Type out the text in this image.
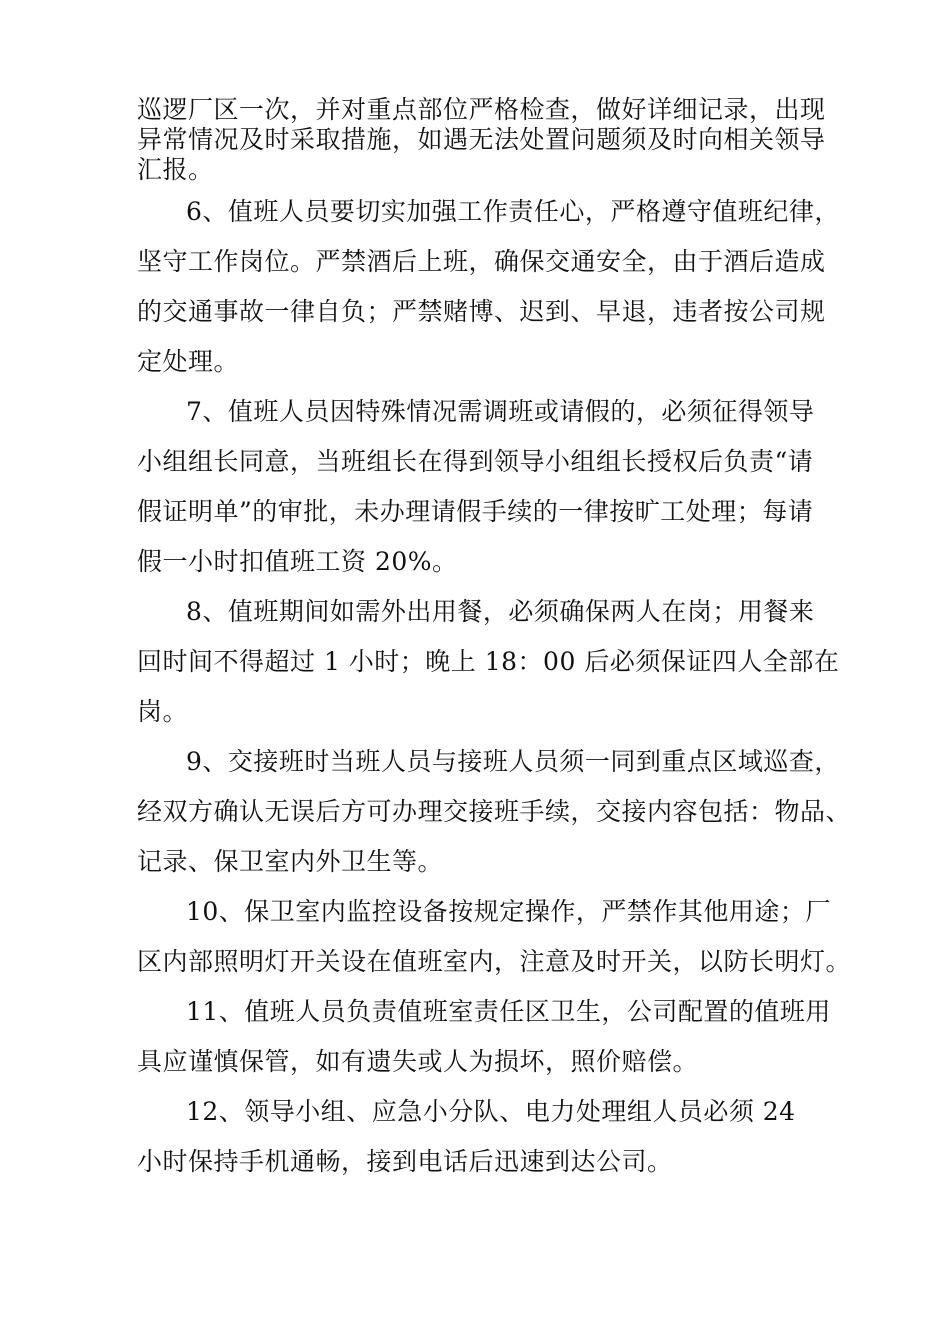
巡逻厂区一次，并对重点部位严格检查，做好详细记录，出现
异常情况及时采取措施，如遇无法处置问题须及时向相关领导
汇报。
6、值班人员要切实加强工作责任心，严格遵守值班纪律，
坚守工作岗位。严禁酒后上班，确保交通安全，由于酒后造成
的交通事故一律自负；严禁赌博、迟到、早退，违者按公司规
定处理。
7、值班人员因特殊情况需调班或请假的，必须征得领导
小组组长同意，当班组长在得到领导小组组长授权后负责“请
假证明单”的审批，未办理请假手续的一律按旷工处理；每请
假一小时扣值班工资 20%。
8、值班期间如需外出用餐，必须确保两人在岗；用餐来
回时间不得超过 1 小时；晚上 18：00 后必须保证四人全部在
岗。
9、交接班时当班人员与接班人员须一同到重点区域巡查，
经双方确认无误后方可办理交接班手续，交接内容包括：物品、
记录、保卫室内外卫生等。
10、保卫室内监控设备按规定操作，严禁作其他用途；厂
区内部照明灯开关设在值班室内，注意及时开关，以防长明灯。
11、值班人员负责值班室责任区卫生，公司配置的值班用
具应谨慎保管，如有遗失或人为损坏，照价赔偿。
12、领导小组、应急小分队、电力处理组人员必须 24
小时保持手机通畅，接到电话后迅速到达公司。
